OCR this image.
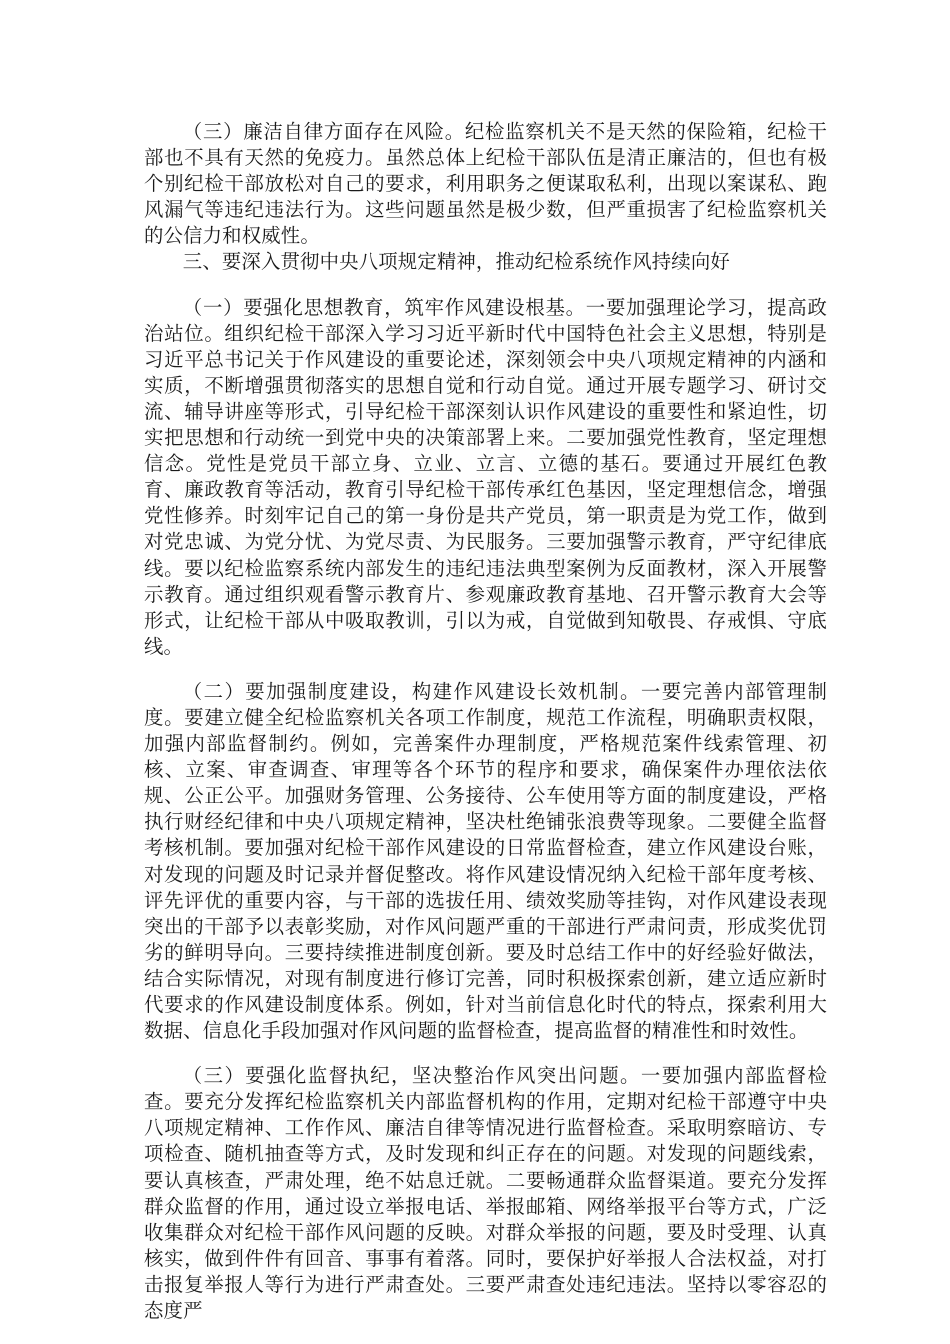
（三）廉洁自律方面存在风险。纪检监察机关不是天然的保险箱，纪检干部也不具有天然的免疫力。虽然总体上纪检干部队伍是清正廉洁的，但也有极个别纪检干部放松对自己的要求，利用职务之便谋取私利，出现以案谋私、跑风漏气等违纪违法行为。这些问题虽然是极少数，但严重损害了纪检监察机关的公信力和权威性。

三、要深入贯彻中央八项规定精神，推动纪检系统作风持续向好

（一）要强化思想教育，筑牢作风建设根基。一要加强理论学习，提高政治站位。组织纪检干部深入学习习近平新时代中国特色社会主义思想，特别是习近平总书记关于作风建设的重要论述，深刻领会中央八项规定精神的内涵和实质，不断增强贯彻落实的思想自觉和行动自觉。通过开展专题学习、研讨交流、辅导讲座等形式，引导纪检干部深刻认识作风建设的重要性和紧迫性，切实把思想和行动统一到党中央的决策部署上来。二要加强党性教育，坚定理想信念。党性是党员干部立身、立业、立言、立德的基石。要通过开展红色教育、廉政教育等活动，教育引导纪检干部传承红色基因，坚定理想信念，增强党性修养。时刻牢记自己的第一身份是共产党员，第一职责是为党工作，做到对党忠诚、为党分忧、为党尽责、为民服务。三要加强警示教育，严守纪律底线。要以纪检监察系统内部发生的违纪违法典型案例为反面教材，深入开展警示教育。通过组织观看警示教育片、参观廉政教育基地、召开警示教育大会等形式，让纪检干部从中吸取教训，引以为戒，自觉做到知敬畏、存戒惧、守底线。

（二）要加强制度建设，构建作风建设长效机制。一要完善内部管理制度。要建立健全纪检监察机关各项工作制度，规范工作流程，明确职责权限，加强内部监督制约。例如，完善案件办理制度，严格规范案件线索管理、初核、立案、审查调查、审理等各个环节的程序和要求，确保案件办理依法依规、公正公平。加强财务管理、公务接待、公车使用等方面的制度建设，严格执行财经纪律和中央八项规定精神，坚决杜绝铺张浪费等现象。二要健全监督考核机制。要加强对纪检干部作风建设的日常监督检查，建立作风建设台账，对发现的问题及时记录并督促整改。将作风建设情况纳入纪检干部年度考核、评先评优的重要内容，与干部的选拔任用、绩效奖励等挂钩，对作风建设表现突出的干部予以表彰奖励，对作风问题严重的干部进行严肃问责，形成奖优罚劣的鲜明导向。三要持续推进制度创新。要及时总结工作中的好经验好做法，结合实际情况，对现有制度进行修订完善，同时积极探索创新，建立适应新时代要求的作风建设制度体系。例如，针对当前信息化时代的特点，探索利用大数据、信息化手段加强对作风问题的监督检查，提高监督的精准性和时效性。

（三）要强化监督执纪，坚决整治作风突出问题。一要加强内部监督检查。要充分发挥纪检监察机关内部监督机构的作用，定期对纪检干部遵守中央八项规定精神、工作作风、廉洁自律等情况进行监督检查。采取明察暗访、专项检查、随机抽查等方式，及时发现和纠正存在的问题。对发现的问题线索，要认真核查，严肃处理，绝不姑息迁就。二要畅通群众监督渠道。要充分发挥群众监督的作用，通过设立举报电话、举报邮箱、网络举报平台等方式，广泛收集群众对纪检干部作风问题的反映。对群众举报的问题，要及时受理、认真核实，做到件件有回音、事事有着落。同时，要保护好举报人合法权益，对打击报复举报人等行为进行严肃查处。三要严肃查处违纪违法。坚持以零容忍的态度严
